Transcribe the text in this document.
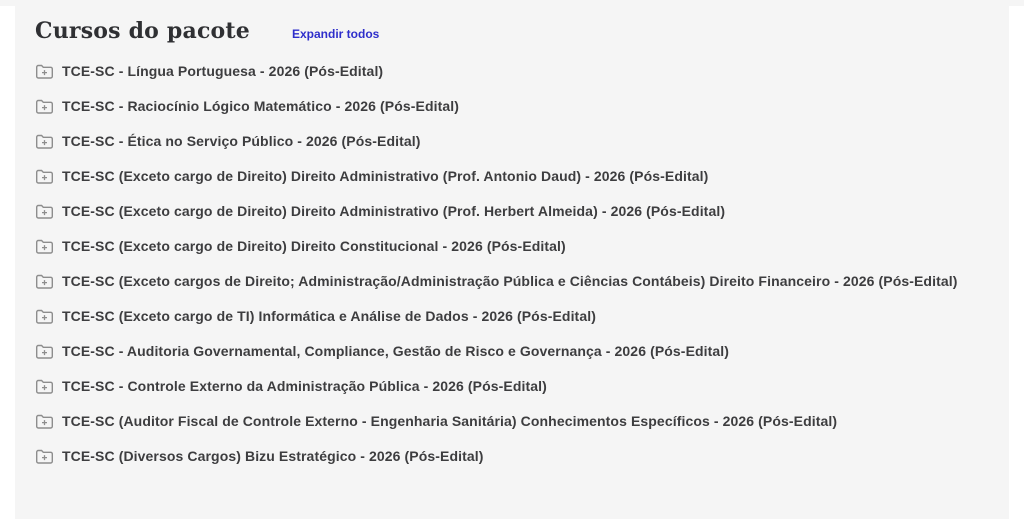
Cursos do pacote	Expandir todos
TCE-SC - Língua Portuguesa - 2026 (Pós-Edital)
TCE-SC - Raciocínio Lógico Matemático - 2026 (Pós-Edital)
TCE-SC - Ética no Serviço Público - 2026 (Pós-Edital)
TCE-SC (Exceto cargo de Direito) Direito Administrativo (Prof. Antonio Daud) - 2026 (Pós-Edital)
TCE-SC (Exceto cargo de Direito) Direito Administrativo (Prof. Herbert Almeida) - 2026 (Pós-Edital)
TCE-SC (Exceto cargo de Direito) Direito Constitucional - 2026 (Pós-Edital)
TCE-SC (Exceto cargos de Direito; Administração/Administração Pública e Ciências Contábeis) Direito Financeiro - 2026 (Pós-Edital)
TCE-SC (Exceto cargo de TI) Informática e Análise de Dados - 2026 (Pós-Edital)
TCE-SC - Auditoria Governamental, Compliance, Gestão de Risco e Governança - 2026 (Pós-Edital)
TCE-SC - Controle Externo da Administração Pública - 2026 (Pós-Edital)
TCE-SC (Auditor Fiscal de Controle Externo - Engenharia Sanitária) Conhecimentos Específicos - 2026 (Pós-Edital)
TCE-SC (Diversos Cargos) Bizu Estratégico - 2026 (Pós-Edital)
